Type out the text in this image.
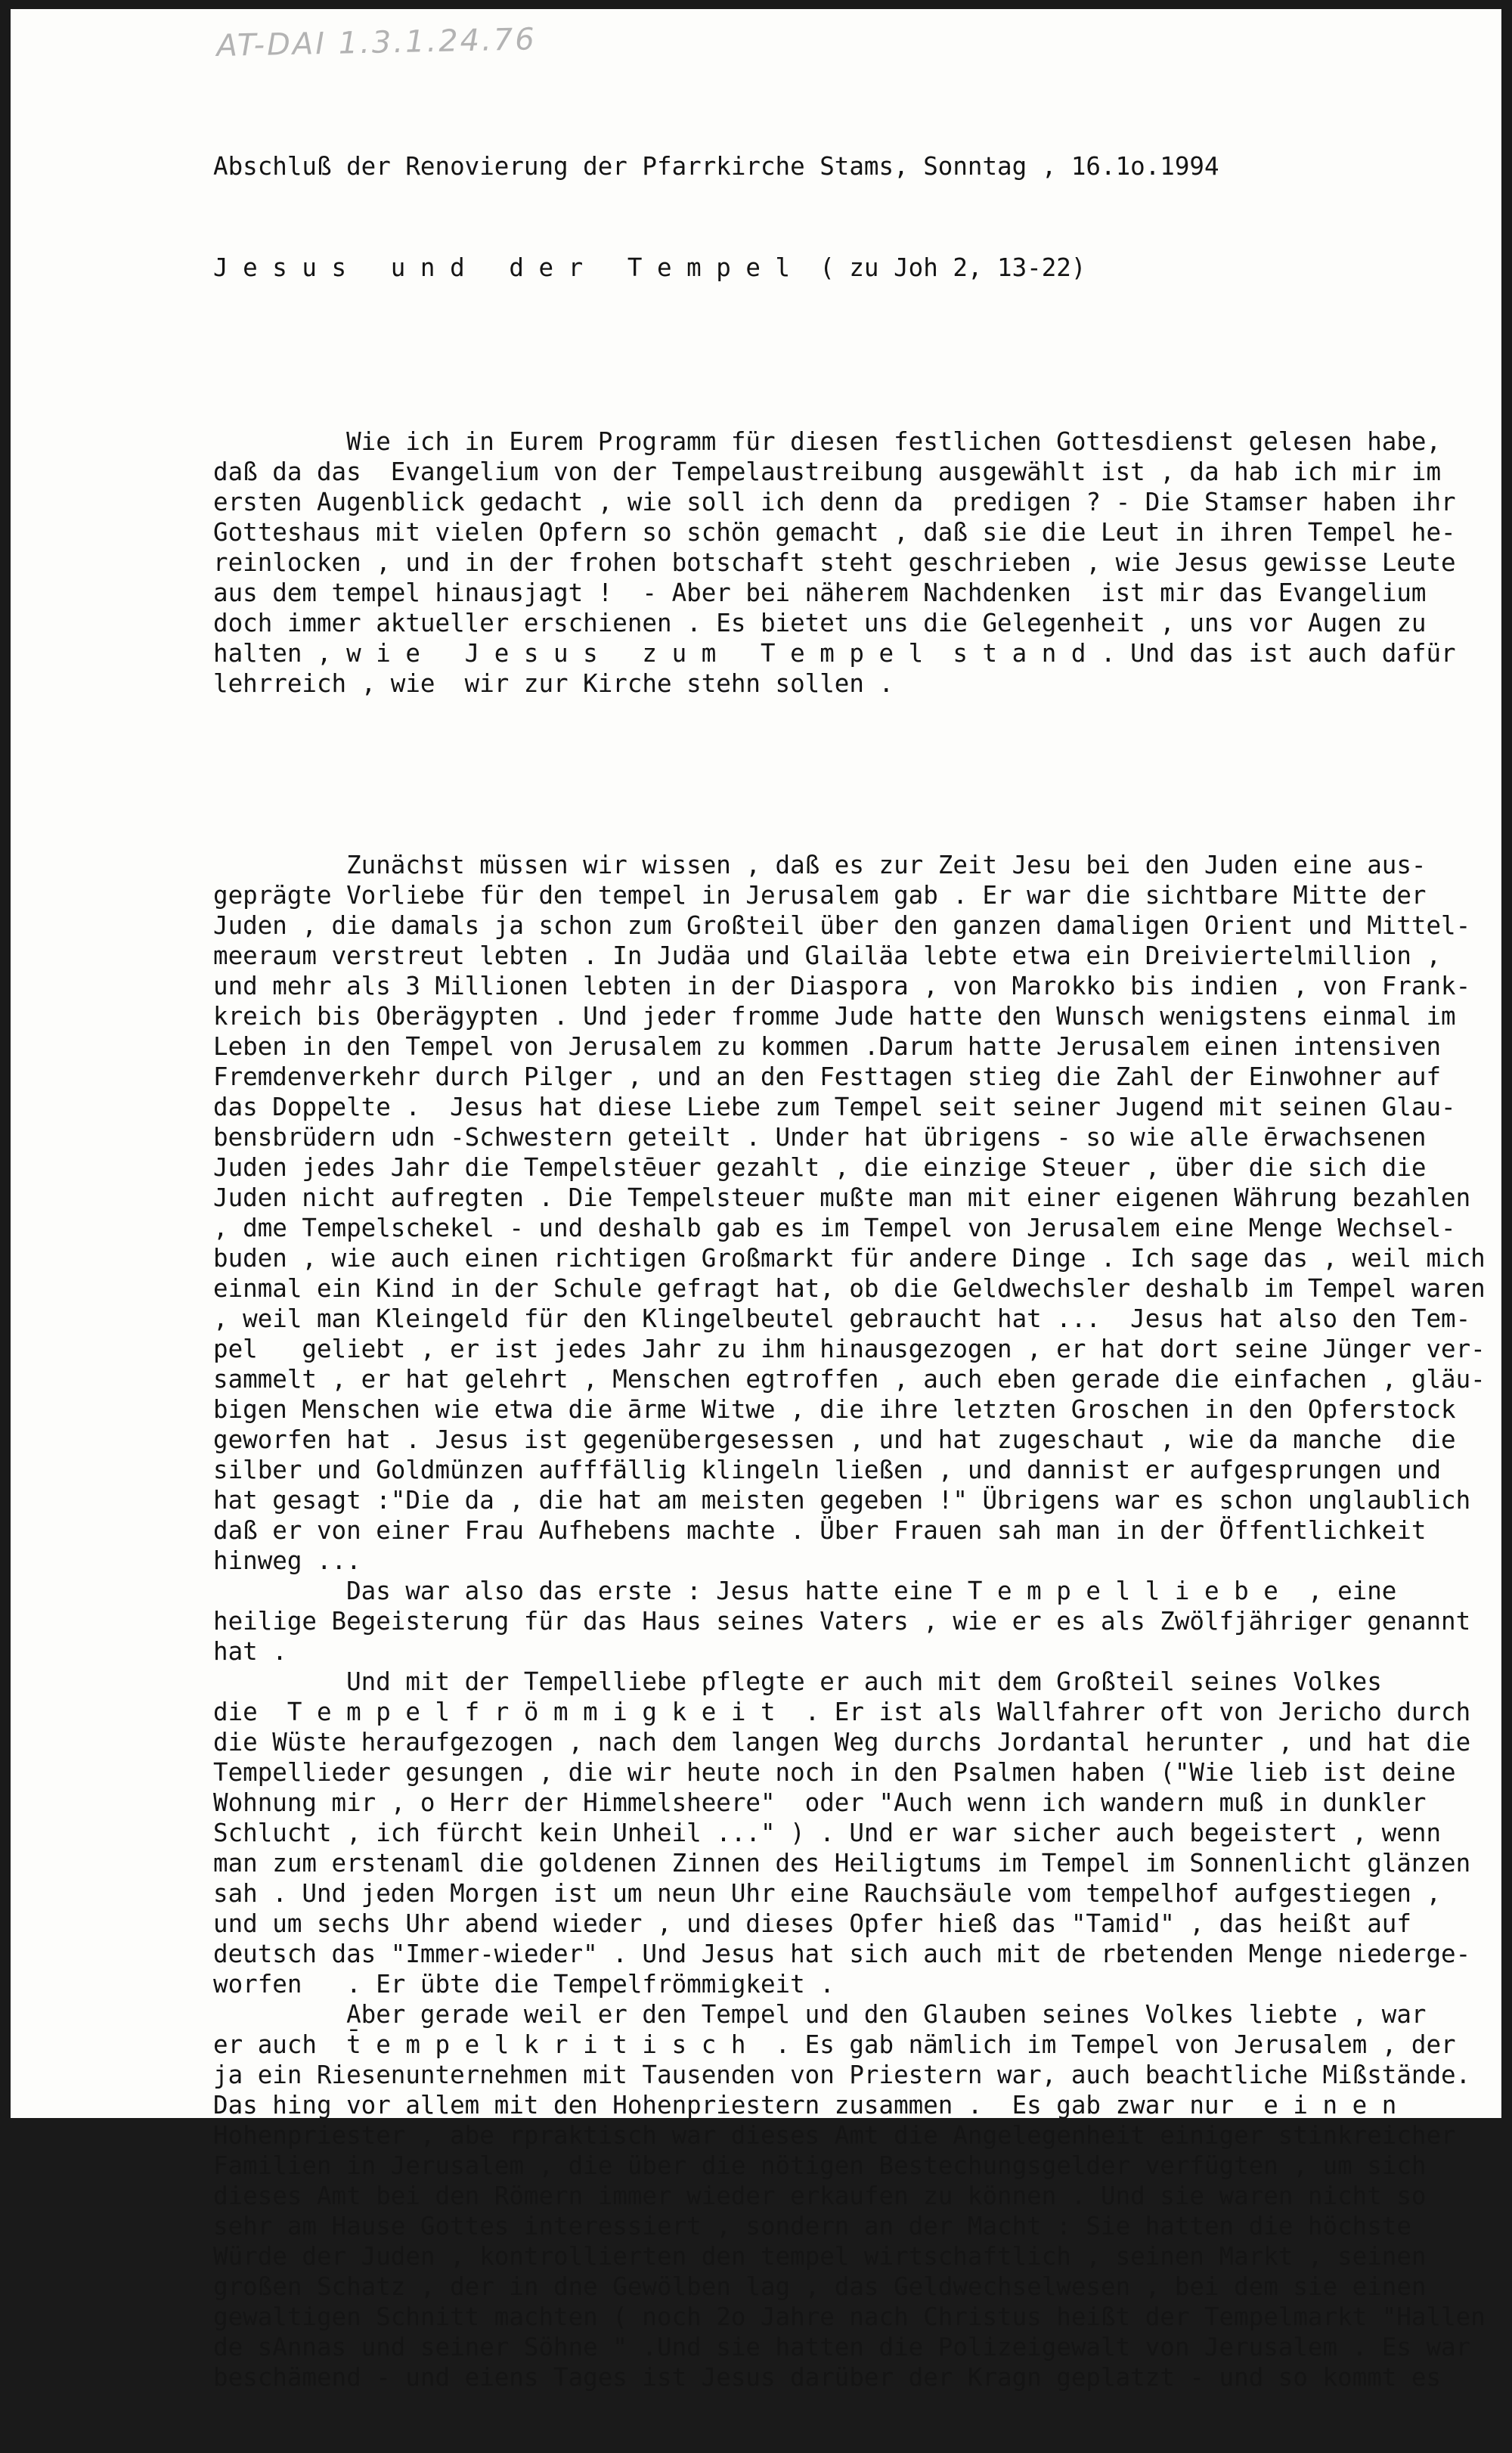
AT-DAI 1.3.1.24.76

Abschluß der Renovierung der Pfarrkirche Stams, Sonntag , 16.1o.1994

J e s u s   u n d   d e r   T e m p e l  ( zu Joh 2, 13-22)

Wie ich in Eurem Programm für diesen festlichen Gottesdienst gelesen habe,
daß da das  Evangelium von der Tempelaustreibung ausgewählt ist , da hab ich mir im
ersten Augenblick gedacht , wie soll ich denn da  predigen ? - Die Stamser haben ihr
Gotteshaus mit vielen Opfern so schön gemacht , daß sie die Leut in ihren Tempel he-
reinlocken , und in der frohen botschaft steht geschrieben , wie Jesus gewisse Leute
aus dem tempel hinausjagt !  - Aber bei näherem Nachdenken  ist mir das Evangelium
doch immer aktueller erschienen . Es bietet uns die Gelegenheit , uns vor Augen zu
halten , w i e   J e s u s   z u m   T e m p e l  s t a n d . Und das ist auch dafür
lehrreich , wie  wir zur Kirche stehn sollen .

Zunächst müssen wir wissen , daß es zur Zeit Jesu bei den Juden eine aus-
geprägte Vorliebe für den tempel in Jerusalem gab . Er war die sichtbare Mitte der
Juden , die damals ja schon zum Großteil über den ganzen damaligen Orient und Mittel-
meeraum verstreut lebten . In Judäa und Glailäa lebte etwa ein Dreiviertelmillion ,
und mehr als 3 Millionen lebten in der Diaspora , von Marokko bis indien , von Frank-
kreich bis Oberägypten . Und jeder fromme Jude hatte den Wunsch wenigstens einmal im
Leben in den Tempel von Jerusalem zu kommen .Darum hatte Jerusalem einen intensiven
Fremdenverkehr durch Pilger , und an den Festtagen stieg die Zahl der Einwohner auf
das Doppelte .  Jesus hat diese Liebe zum Tempel seit seiner Jugend mit seinen Glau-
bensbrüdern udn -Schwestern geteilt . Under hat übrigens - so wie alle ērwachsenen
Juden jedes Jahr die Tempelstēuer gezahlt , die einzige Steuer , über die sich die
Juden nicht aufregten . Die Tempelsteuer mußte man mit einer eigenen Währung bezahlen
, dme Tempelschekel - und deshalb gab es im Tempel von Jerusalem eine Menge Wechsel-
buden , wie auch einen richtigen Großmarkt für andere Dinge . Ich sage das , weil mich
einmal ein Kind in der Schule gefragt hat, ob die Geldwechsler deshalb im Tempel waren
, weil man Kleingeld für den Klingelbeutel gebraucht hat ...  Jesus hat also den Tem-
pel   geliebt , er ist jedes Jahr zu ihm hinausgezogen , er hat dort seine Jünger ver-
sammelt , er hat gelehrt , Menschen egtroffen , auch eben gerade die einfachen , gläu-
bigen Menschen wie etwa die ārme Witwe , die ihre letzten Groschen in den Opferstock
geworfen hat . Jesus ist gegenübergesessen , und hat zugeschaut , wie da manche  die
silber und Goldmünzen aufffällig klingeln ließen , und dannist er aufgesprungen und
hat gesagt :"Die da , die hat am meisten gegeben !" Übrigens war es schon unglaublich
daß er von einer Frau Aufhebens machte . Über Frauen sah man in der Öffentlichkeit
hinweg ...
Das war also das erste : Jesus hatte eine T e m p e l l i e b e  , eine
heilige Begeisterung für das Haus seines Vaters , wie er es als Zwölfjähriger genannt
hat .
Und mit der Tempelliebe pflegte er auch mit dem Großteil seines Volkes
die  T e m p e l f r ö m m i g k e i t  . Er ist als Wallfahrer oft von Jericho durch
die Wüste heraufgezogen , nach dem langen Weg durchs Jordantal herunter , und hat die
Tempellieder gesungen , die wir heute noch in den Psalmen haben ("Wie lieb ist deine
Wohnung mir , o Herr der Himmelsheere"  oder "Auch wenn ich wandern muß in dunkler
Schlucht , ich fürcht kein Unheil ..." ) . Und er war sicher auch begeistert , wenn
man zum erstenaml die goldenen Zinnen des Heiligtums im Tempel im Sonnenlicht glänzen
sah . Und jeden Morgen ist um neun Uhr eine Rauchsäule vom tempelhof aufgestiegen ,
und um sechs Uhr abend wieder , und dieses Opfer hieß das "Tamid" , das heißt auf
deutsch das "Immer-wieder" . Und Jesus hat sich auch mit de rbetenden Menge niederge-
worfen   . Er übte die Tempelfrömmigkeit .
Aber gerade weil er den Tempel und den Glauben seines Volkes liebte , war
er auch  t̄ e m p e l k r i t i s c h  . Es gab nämlich im Tempel von Jerusalem , der
ja ein Riesenunternehmen mit Tausenden von Priestern war, auch beachtliche Mißstände.
Das hing vor allem mit den Hohenpriestern zusammen .  Es gab zwar nur  e i n e n
Hohenpriester , abe rpraktisch war dieses Amt die Angelegenheit einiger stinkreicher
Familien in Jerusalem , die über die nötigen Bestechungsgelder verfügten , um sich
dieses Amt bei den Römern immer wieder erkaufen zu können . Und sie waren nicht so
sehr am Hause Gottes interessiert , sondern an der Macht : Sie hatten die höchste
Würde der Juden , kontrollierten den tempel wirtschaftlich , seinen Markt , seinen
großen Schatz , der in dne Gewölben lag , das Geldwechselwesen , bei dem sie einen
gewaltigen Schnitt machten ( noch 2o Jahre nach Christus heißt der Tempelmarkt "Hallen
de sAnnas und seiner Söhne " .Und sie hatten die Polizeigewalt von Jerusalem . Es war
beschämend - und eiens Tages ist Jesus darüber der Kragn geplatzt - und so kommt es
